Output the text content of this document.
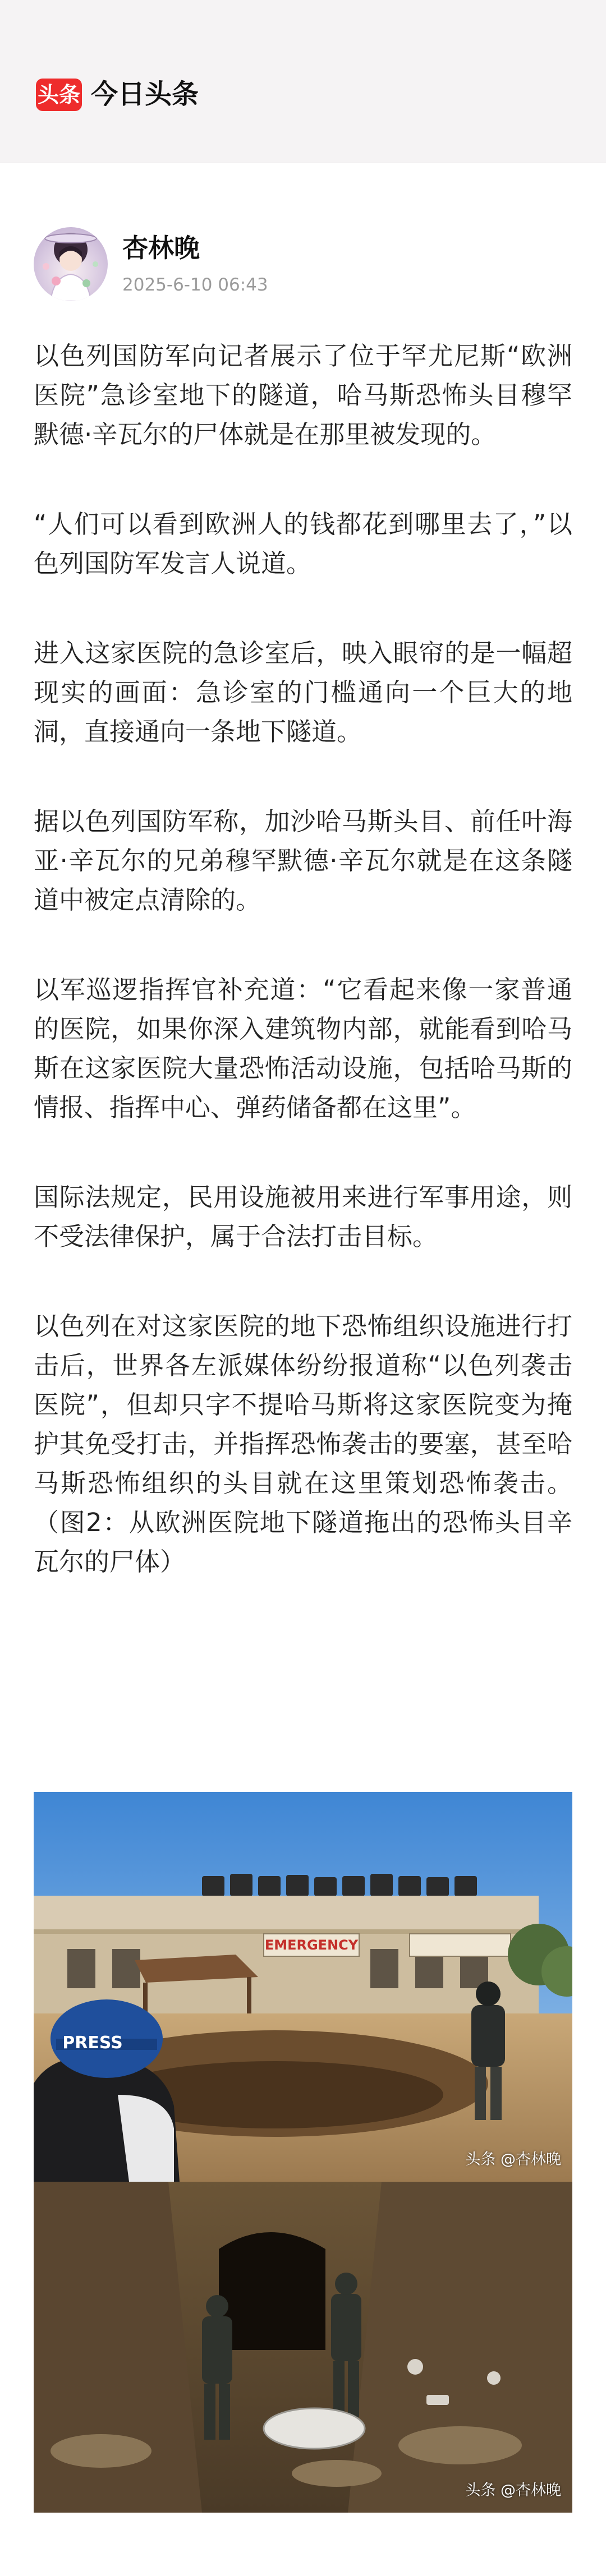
头条 今日头条
杏林晚
2025-6-10 06:43

以色列国防军向记者展示了位于罕尤尼斯“欧洲医院”急诊室地下的隧道，哈马斯恐怖头目穆罕默德·辛瓦尔的尸体就是在那里被发现的。

“人们可以看到欧洲人的钱都花到哪里去了，”以色列国防军发言人说道。

进入这家医院的急诊室后，映入眼帘的是一幅超现实的画面：急诊室的门槛通向一个巨大的地洞，直接通向一条地下隧道。

据以色列国防军称，加沙哈马斯头目、前任叶海亚·辛瓦尔的兄弟穆罕默德·辛瓦尔就是在这条隧道中被定点清除的。

以军巡逻指挥官补充道：“它看起来像一家普通的医院，如果你深入建筑物内部，就能看到哈马斯在这家医院大量恐怖活动设施，包括哈马斯的情报、指挥中心、弹药储备都在这里”。

国际法规定，民用设施被用来进行军事用途，则不受法律保护，属于合法打击目标。

以色列在对这家医院的地下恐怖组织设施进行打击后，世界各左派媒体纷纷报道称“以色列袭击医院”，但却只字不提哈马斯将这家医院变为掩护其免受打击，并指挥恐怖袭击的要塞，甚至哈马斯恐怖组织的头目就在这里策划恐怖袭击。（图2：从欧洲医院地下隧道拖出的恐怖头目辛瓦尔的尸体）

EMERGENCY
PRESS
头条 @杏林晚
头条 @杏林晚
